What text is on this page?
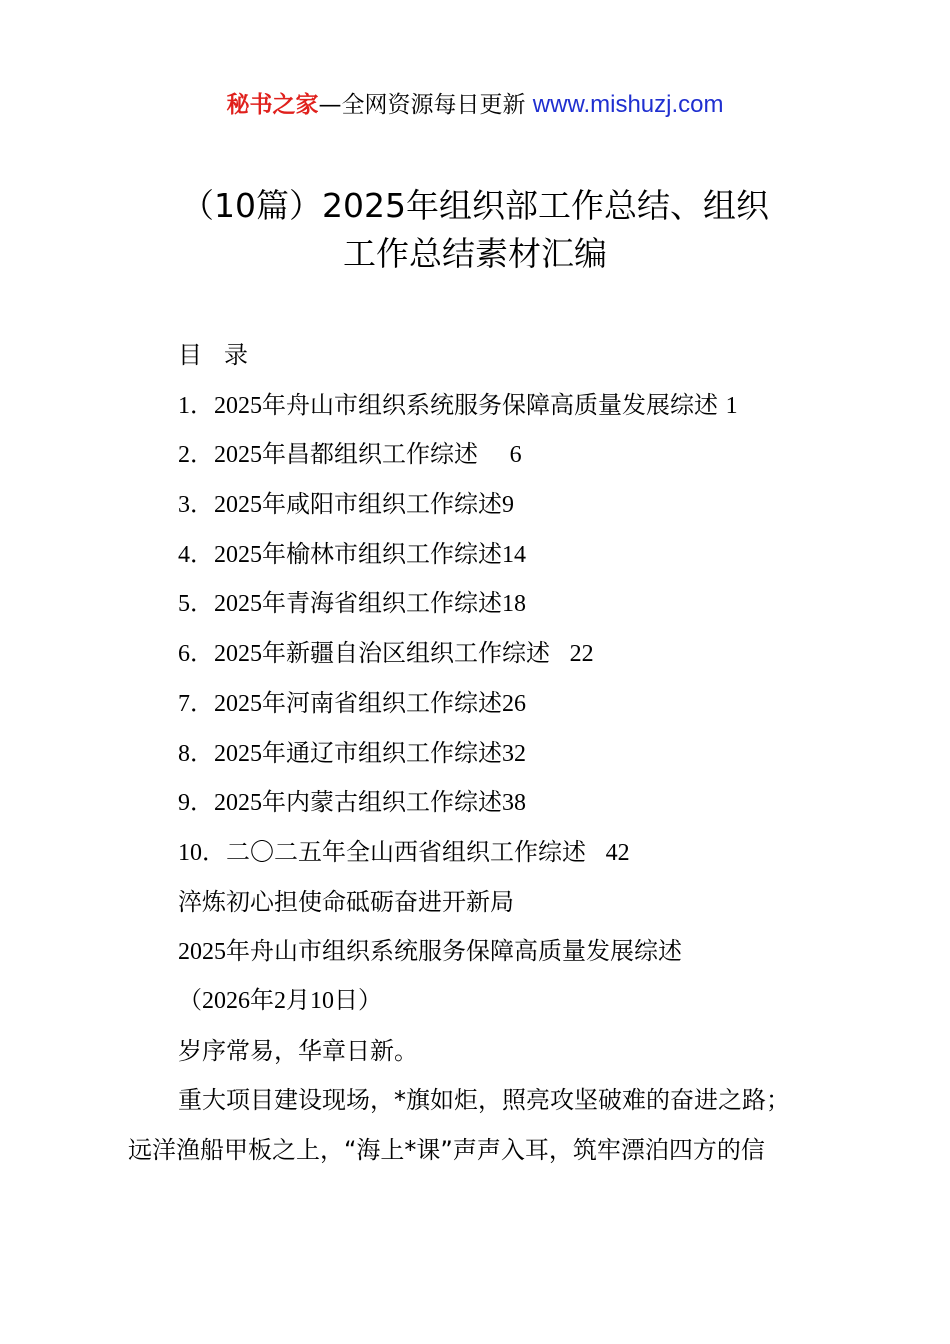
秘书之家—全网资源每日更新 www.mishuzj.com
（10篇）2025年组织部工作总结、组织
工作总结素材汇编
目 录
1．2025年舟山市组织系统服务保障高质量发展综述 1
2．2025年昌都组织工作综述 6
3．2025年咸阳市组织工作综述9
4．2025年榆林市组织工作综述14
5．2025年青海省组织工作综述18
6．2025年新疆自治区组织工作综述 22
7．2025年河南省组织工作综述26
8．2025年通辽市组织工作综述32
9．2025年内蒙古组织工作综述38
10．二〇二五年全山西省组织工作综述 42
淬炼初心担使命砥砺奋进开新局
2025年舟山市组织系统服务保障高质量发展综述
（2026年2月10日）
岁序常易，华章日新。
重大项目建设现场，*旗如炬，照亮攻坚破难的奋进之路；
远洋渔船甲板之上，“海上*课”声声入耳，筑牢漂泊四方的信
